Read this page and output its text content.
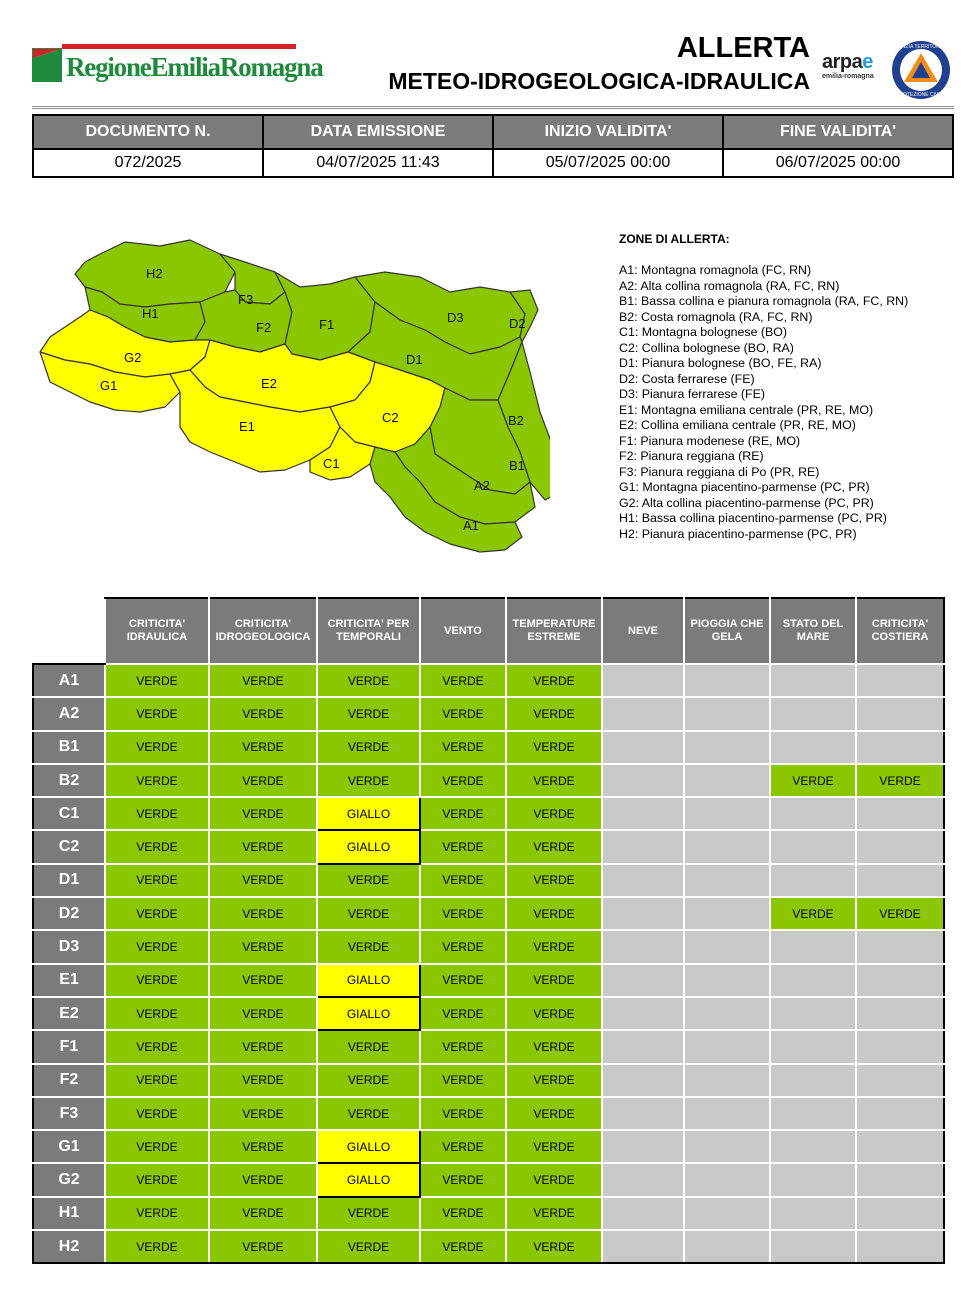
RegioneEmiliaRomagna
ALLERTA
METEO-IDROGEOLOGICA-IDRAULICA
arpae
emilia-romagna
AGENZIA TERRITORIALE
PROTEZIONE CIVILE
DOCUMENTO N.	DATA EMISSIONE	INIZIO VALIDITA'	FINE VALIDITA'
072/2025	04/07/2025 11:43	05/07/2025 00:00	06/07/2025 00:00
H2
H1
F3
F2	F1	D3	D2
D1
G2
G1	E2
E1
C2
C1
B2
B1
A2
A1
ZONE DI ALLERTA:
A1: Montagna romagnola (FC, RN)
A2: Alta collina romagnola (RA, FC, RN)
B1: Bassa collina e pianura romagnola (RA, FC, RN)
B2: Costa romagnola (RA, FC, RN)
C1: Montagna bolognese (BO)
C2: Collina bolognese (BO, RA)
D1: Pianura bolognese (BO, FE, RA)
D2: Costa ferrarese (FE)
D3: Pianura ferrarese (FE)
E1: Montagna emiliana centrale (PR, RE, MO)
E2: Collina emiliana centrale (PR, RE, MO)
F1: Pianura modenese (RE, MO)
F2: Pianura reggiana (RE)
F3: Pianura reggiana di Po (PR, RE)
G1: Montagna piacentino-parmense (PC, PR)
G2: Alta collina piacentino-parmense (PC, PR)
H1: Bassa collina piacentino-parmense (PC, PR)
H2: Pianura piacentino-parmense (PC, PR)
	CRITICITA' IDRAULICA	CRITICITA' IDROGEOLOGICA	CRITICITA' PER TEMPORALI	VENTO	TEMPERATURE ESTREME	NEVE	PIOGGIA CHE GELA	STATO DEL MARE	CRITICITA' COSTIERA
A1	VERDE	VERDE	VERDE	VERDE	VERDE				
A2	VERDE	VERDE	VERDE	VERDE	VERDE				
B1	VERDE	VERDE	VERDE	VERDE	VERDE				
B2	VERDE	VERDE	VERDE	VERDE	VERDE			VERDE	VERDE
C1	VERDE	VERDE	GIALLO	VERDE	VERDE				
C2	VERDE	VERDE	GIALLO	VERDE	VERDE				
D1	VERDE	VERDE	VERDE	VERDE	VERDE				
D2	VERDE	VERDE	VERDE	VERDE	VERDE			VERDE	VERDE
D3	VERDE	VERDE	VERDE	VERDE	VERDE				
E1	VERDE	VERDE	GIALLO	VERDE	VERDE				
E2	VERDE	VERDE	GIALLO	VERDE	VERDE				
F1	VERDE	VERDE	VERDE	VERDE	VERDE				
F2	VERDE	VERDE	VERDE	VERDE	VERDE				
F3	VERDE	VERDE	VERDE	VERDE	VERDE				
G1	VERDE	VERDE	GIALLO	VERDE	VERDE				
G2	VERDE	VERDE	GIALLO	VERDE	VERDE				
H1	VERDE	VERDE	VERDE	VERDE	VERDE				
H2	VERDE	VERDE	VERDE	VERDE	VERDE				
